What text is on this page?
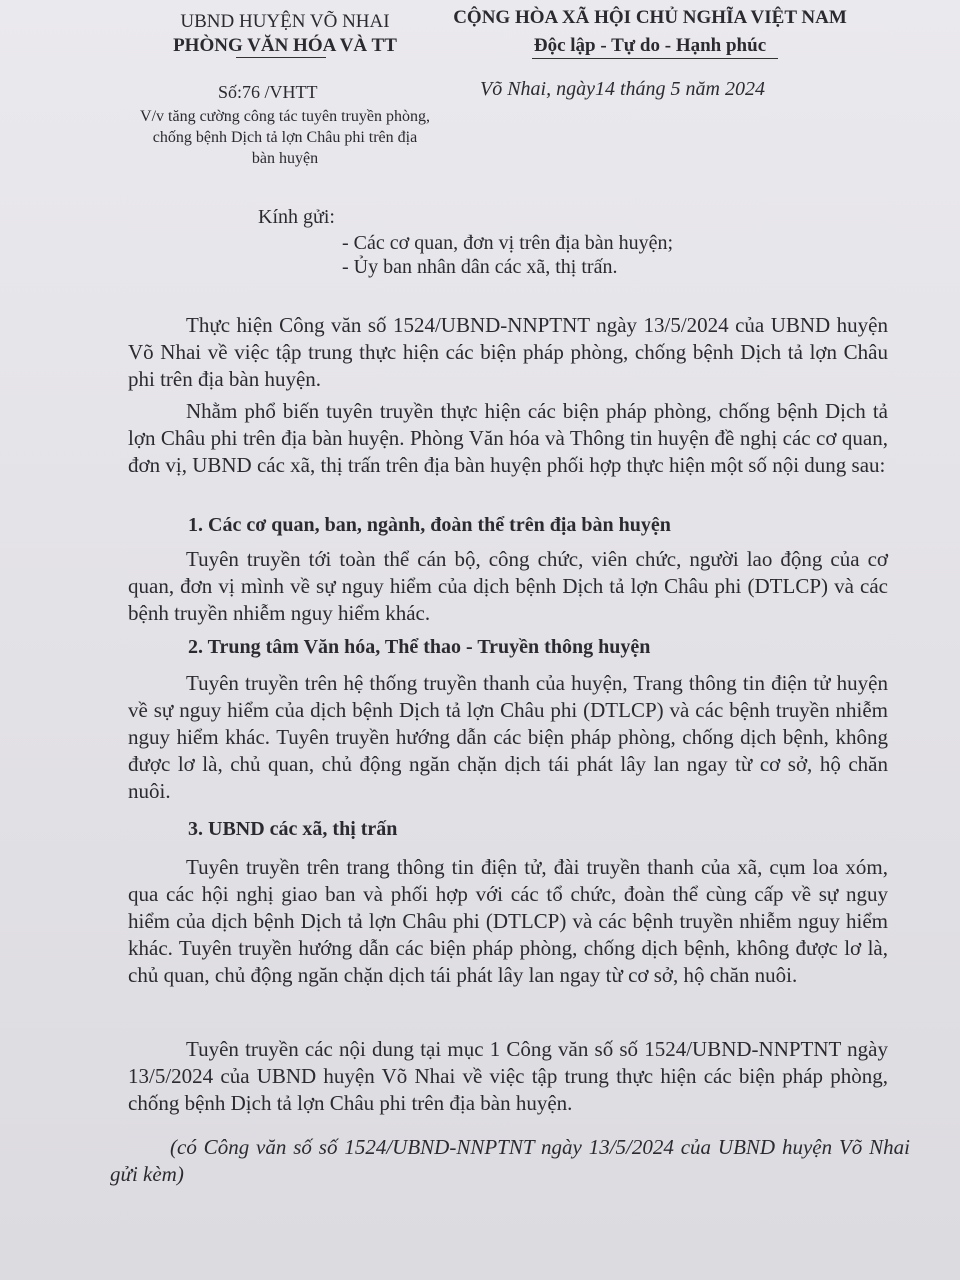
UBND HUYỆN VÕ NHAI
PHÒNG VĂN HÓA VÀ TT
CỘNG HÒA XÃ HỘI CHỦ NGHĨA VIỆT NAM
Độc lập - Tự do - Hạnh phúc
Số:76 /VHTT
V/v tăng cường công tác tuyên truyền phòng, chống bệnh Dịch tả lợn Châu phi trên địa bàn huyện
Võ Nhai, ngày14 tháng 5 năm 2024
Kính gửi:
- Các cơ quan, đơn vị trên địa bàn huyện;
- Ủy ban nhân dân các xã, thị trấn.
Thực hiện Công văn số 1524/UBND-NNPTNT ngày 13/5/2024 của UBND huyện Võ Nhai về việc tập trung thực hiện các biện pháp phòng, chống bệnh Dịch tả lợn Châu phi trên địa bàn huyện.
Nhằm phổ biến tuyên truyền thực hiện các biện pháp phòng, chống bệnh Dịch tả lợn Châu phi trên địa bàn huyện. Phòng Văn hóa và Thông tin huyện đề nghị các cơ quan, đơn vị, UBND các xã, thị trấn trên địa bàn huyện phối hợp thực hiện một số nội dung sau:
1. Các cơ quan, ban, ngành, đoàn thể trên địa bàn huyện
Tuyên truyền tới toàn thể cán bộ, công chức, viên chức, người lao động của cơ quan, đơn vị mình về sự nguy hiểm của dịch bệnh Dịch tả lợn Châu phi (DTLCP) và các bệnh truyền nhiễm nguy hiểm khác.
2. Trung tâm Văn hóa, Thể thao - Truyền thông huyện
Tuyên truyền trên hệ thống truyền thanh của huyện, Trang thông tin điện tử huyện về sự nguy hiểm của dịch bệnh Dịch tả lợn Châu phi (DTLCP) và các bệnh truyền nhiễm nguy hiểm khác. Tuyên truyền hướng dẫn các biện pháp phòng, chống dịch bệnh, không được lơ là, chủ quan, chủ động ngăn chặn dịch tái phát lây lan ngay từ cơ sở, hộ chăn nuôi.
3. UBND các xã, thị trấn
Tuyên truyền trên trang thông tin điện tử, đài truyền thanh của xã, cụm loa xóm, qua các hội nghị giao ban và phối hợp với các tổ chức, đoàn thể cùng cấp về sự nguy hiểm của dịch bệnh Dịch tả lợn Châu phi (DTLCP) và các bệnh truyền nhiễm nguy hiểm khác. Tuyên truyền hướng dẫn các biện pháp phòng, chống dịch bệnh, không được lơ là, chủ quan, chủ động ngăn chặn dịch tái phát lây lan ngay từ cơ sở, hộ chăn nuôi.
Tuyên truyền các nội dung tại mục 1 Công văn số số 1524/UBND-NNPTNT ngày 13/5/2024 của UBND huyện Võ Nhai về việc tập trung thực hiện các biện pháp phòng, chống bệnh Dịch tả lợn Châu phi trên địa bàn huyện.
(có Công văn số số 1524/UBND-NNPTNT ngày 13/5/2024 của UBND huyện Võ Nhai gửi kèm)
